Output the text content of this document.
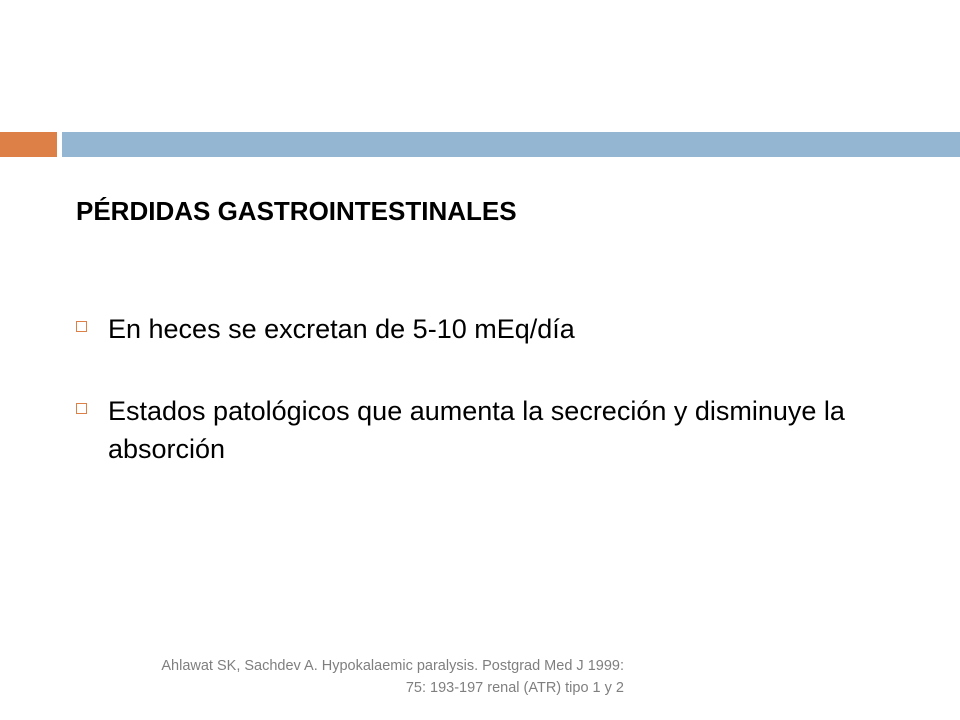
PÉRDIDAS GASTROINTESTINALES
En heces se excretan de 5-10 mEq/día
Estados patológicos que aumenta la secreción y disminuye la absorción
Ahlawat SK, Sachdev A. Hypokalaemic paralysis. Postgrad Med J 1999:
75: 193-197 renal (ATR) tipo 1 y 2
